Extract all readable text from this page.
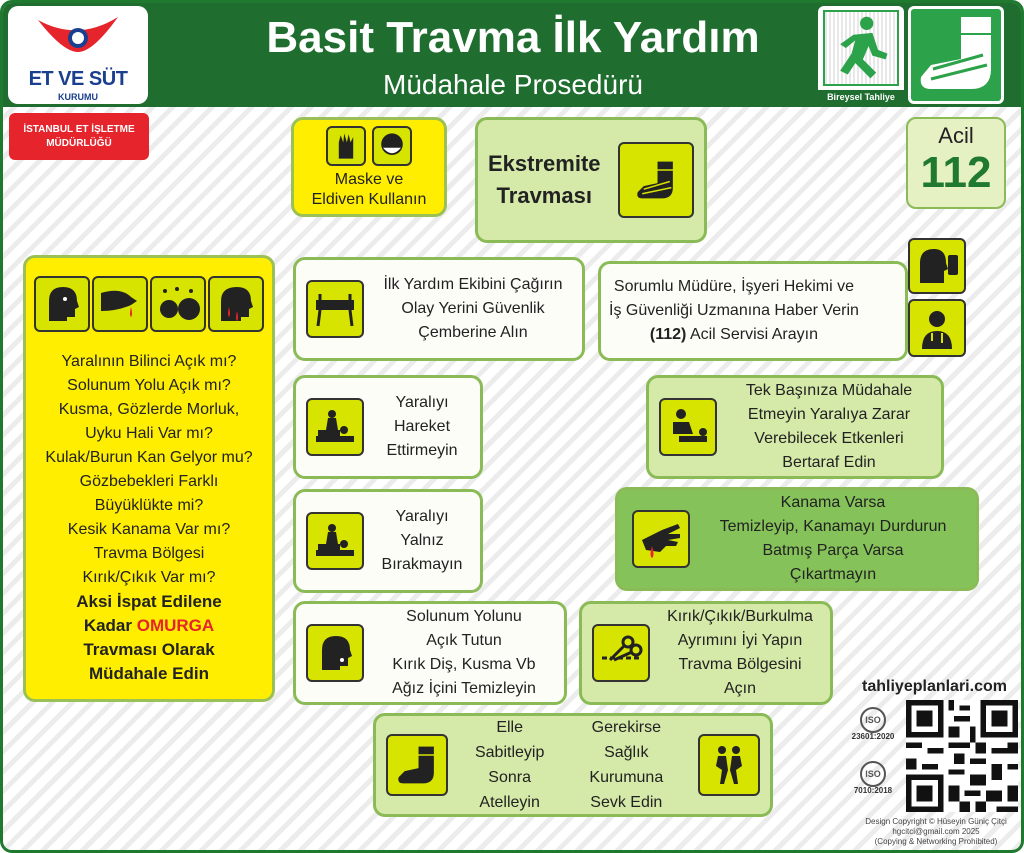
ET VE SÜT
KURUMU
Basit Travma İlk Yardım
Müdahale Prosedürü	Bireysel Tahliye
İSTANBUL ET İŞLETME MÜDÜRLÜĞÜ
Maske ve
Eldiven Kullanın
Ekstremite
Travması
Acil
112
Yaralının Bilinci Açık mı?
Solunum Yolu Açık mı?
Kusma, Gözlerde Morluk,
Uyku Hali Var mı?
Kulak/Burun Kan Gelyor mu?
Gözbebekleri Farklı
Büyüklükte mi?
Kesik Kanama Var mı?
Travma Bölgesi
Kırık/Çıkık Var mı?
Aksi İspat Edilene
Kadar OMURGA
Travması Olarak
Müdahale Edin
İlk Yardım Ekibini Çağırın
Olay Yerini Güvenlik
Çemberine Alın
Sorumlu Müdüre, İşyeri Hekimi ve
İş Güvenliği Uzmanına Haber Verin
(112) Acil Servisi Arayın
Yaralıyı
Hareket
Ettirmeyin
Yaralıyı
Yalnız
Bırakmayın
Solunum Yolunu
Açık Tutun
Kırık Diş, Kusma Vb
Ağız İçini Temizleyin
Tek Başınıza Müdahale
Etmeyin Yaralıya Zarar
Verebilecek Etkenleri
Bertaraf Edin
Kanama Varsa
Temizleyip, Kanamayı Durdurun
Batmış Parça Varsa
Çıkartmayın
Kırık/Çıkık/Burkulma
Ayrımını İyi Yapın
Travma Bölgesini
Açın
Elle
Sabitleyip
Sonra
Atelleyin
Gerekirse
Sağlık
Kurumuna
Sevk Edin
tahliyeplanlari.com
ISO
23601:2020
ISO
7010:2018
Design Copyright © Hüseyin Güniç Çitçi
hgcitci@gmail.com 2025
(Copying & Networking Prohibited)
